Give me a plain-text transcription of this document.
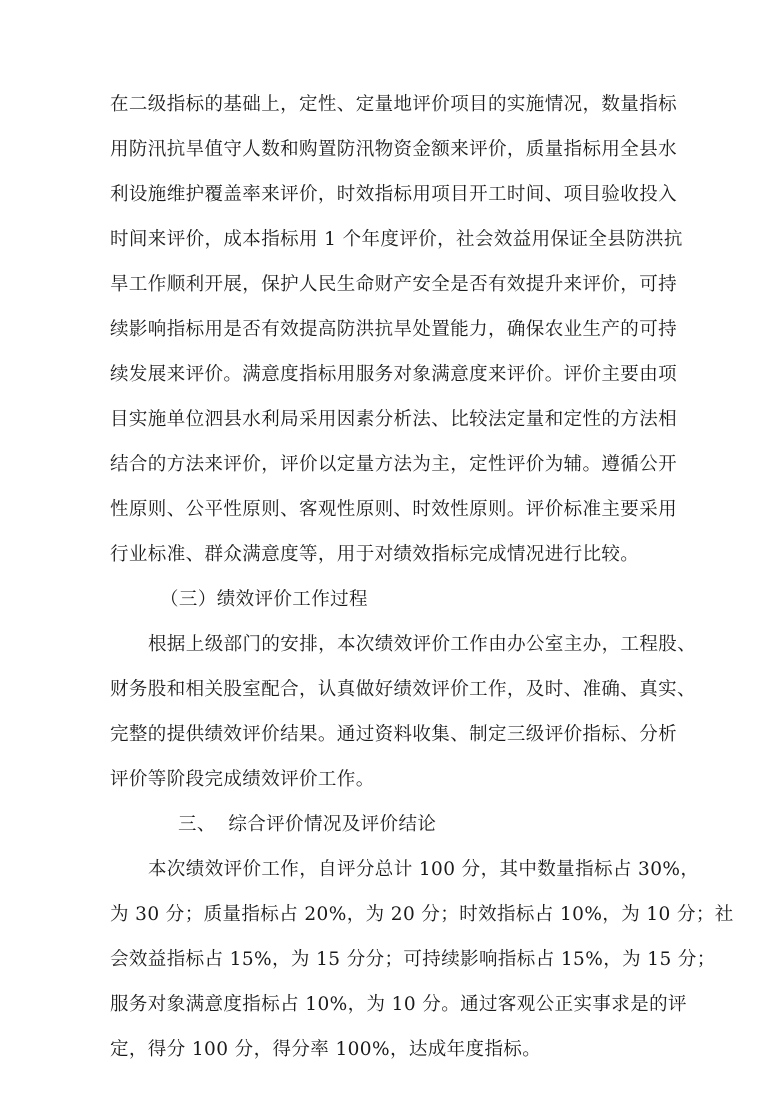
在二级指标的基础上，定性、定量地评价项目的实施情况，数量指标
用防汛抗旱值守人数和购置防汛物资金额来评价，质量指标用全县水
利设施维护覆盖率来评价，时效指标用项目开工时间、项目验收投入
时间来评价，成本指标用 1 个年度评价，社会效益用保证全县防洪抗
旱工作顺利开展，保护人民生命财产安全是否有效提升来评价，可持
续影响指标用是否有效提高防洪抗旱处置能力，确保农业生产的可持
续发展来评价。满意度指标用服务对象满意度来评价。评价主要由项
目实施单位泗县水利局采用因素分析法、比较法定量和定性的方法相
结合的方法来评价，评价以定量方法为主，定性评价为辅。遵循公开
性原则、公平性原则、客观性原则、时效性原则。评价标准主要采用
行业标准、群众满意度等，用于对绩效指标完成情况进行比较。
（三）绩效评价工作过程
根据上级部门的安排，本次绩效评价工作由办公室主办，工程股、
财务股和相关股室配合，认真做好绩效评价工作，及时、准确、真实、
完整的提供绩效评价结果。通过资料收集、制定三级评价指标、分析
评价等阶段完成绩效评价工作。
三、  综合评价情况及评价结论
本次绩效评价工作，自评分总计 100 分，其中数量指标占 30%，
为 30 分；质量指标占 20%，为 20 分；时效指标占 10%，为 10 分；社
会效益指标占 15%，为 15 分分；可持续影响指标占 15%，为 15 分；
服务对象满意度指标占 10%，为 10 分。通过客观公正实事求是的评
定，得分 100 分，得分率 100%，达成年度指标。
